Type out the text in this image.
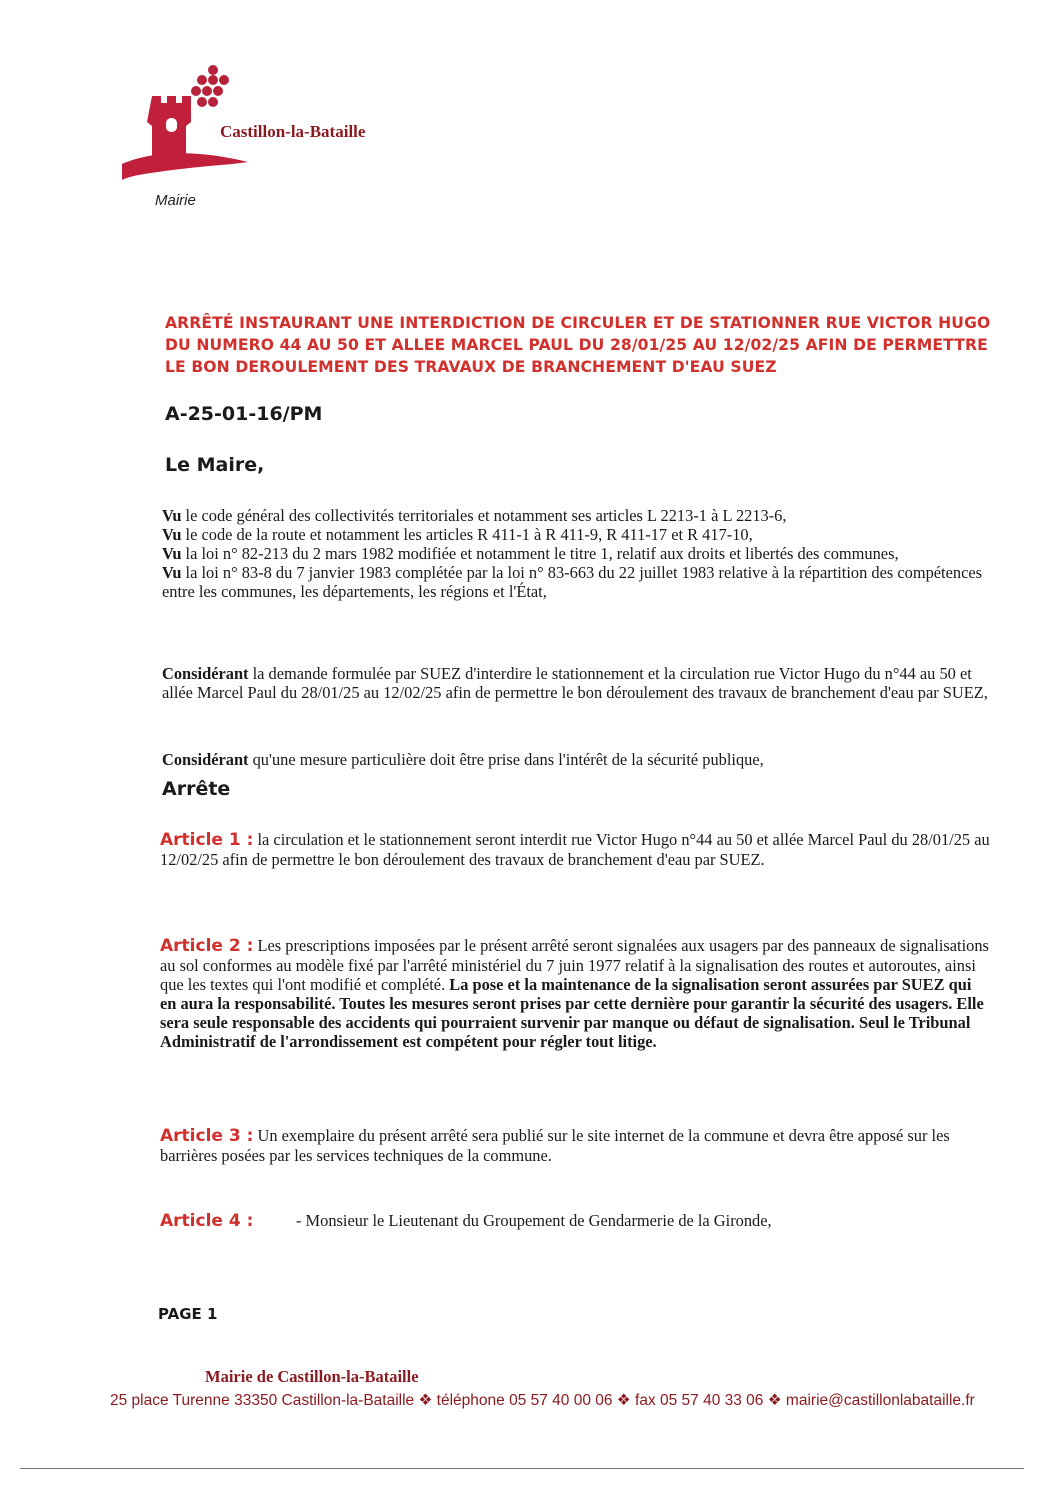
Castillon-la-Bataille
Mairie
ARRÊTÉ INSTAURANT UNE INTERDICTION DE CIRCULER ET DE STATIONNER RUE VICTOR HUGO DU NUMERO 44 AU 50 ET ALLEE MARCEL PAUL DU 28/01/25 AU 12/02/25 AFIN DE PERMETTRE LE BON DEROULEMENT DES TRAVAUX DE BRANCHEMENT D'EAU SUEZ
A-25-01-16/PM
Le Maire,

Vu le code général des collectivités territoriales et notamment ses articles L 2213-1 à L 2213-6,

Vu le code de la route et notamment les articles R 411-1 à R 411-9, R 411-17 et R 417-10,

Vu la loi n° 82-213 du 2 mars 1982 modifiée et notamment le titre 1, relatif aux droits et libertés des communes,

Vu la loi n° 83-8 du 7 janvier 1983 complétée par la loi n° 83-663 du 22 juillet 1983 relative à la répartition des compétences entre les communes, les départements, les régions et l'État,

Considérant la demande formulée par SUEZ d'interdire le stationnement et la circulation rue Victor Hugo du n°44 au 50 et allée Marcel Paul du 28/01/25 au 12/02/25 afin de permettre le bon déroulement des travaux de branchement d'eau par SUEZ,
Considérant qu'une mesure particulière doit être prise dans l'intérêt de la sécurité publique,
Arrête
Article 1 : la circulation et le stationnement seront interdit rue Victor Hugo n°44 au 50 et allée Marcel Paul du 28/01/25 au 12/02/25 afin de permettre le bon déroulement des travaux de branchement d'eau par SUEZ.
Article 2 : Les prescriptions imposées par le présent arrêté seront signalées aux usagers par des panneaux de signalisations au sol conformes au modèle fixé par l'arrêté ministériel du 7 juin 1977 relatif à la signalisation des routes et autoroutes, ainsi que les textes qui l'ont modifié et complété. La pose et la maintenance de la signalisation seront assurées par SUEZ qui en aura la responsabilité. Toutes les mesures seront prises par cette dernière pour garantir la sécurité des usagers. Elle sera seule responsable des accidents qui pourraient survenir par manque ou défaut de signalisation. Seul le Tribunal Administratif de l'arrondissement est compétent pour régler tout litige.
Article 3 : Un exemplaire du présent arrêté sera publié sur le site internet de la commune et devra être apposé sur les barrières posées par les services techniques de la commune.
Article 4 :	- Monsieur le Lieutenant du Groupement de Gendarmerie de la Gironde,
PAGE 1
Mairie de Castillon-la-Bataille
25 place Turenne 33350 Castillon-la-Bataille ❖ téléphone 05 57 40 00 06 ❖ fax 05 57 40 33 06 ❖ mairie@castillonlabataille.fr
